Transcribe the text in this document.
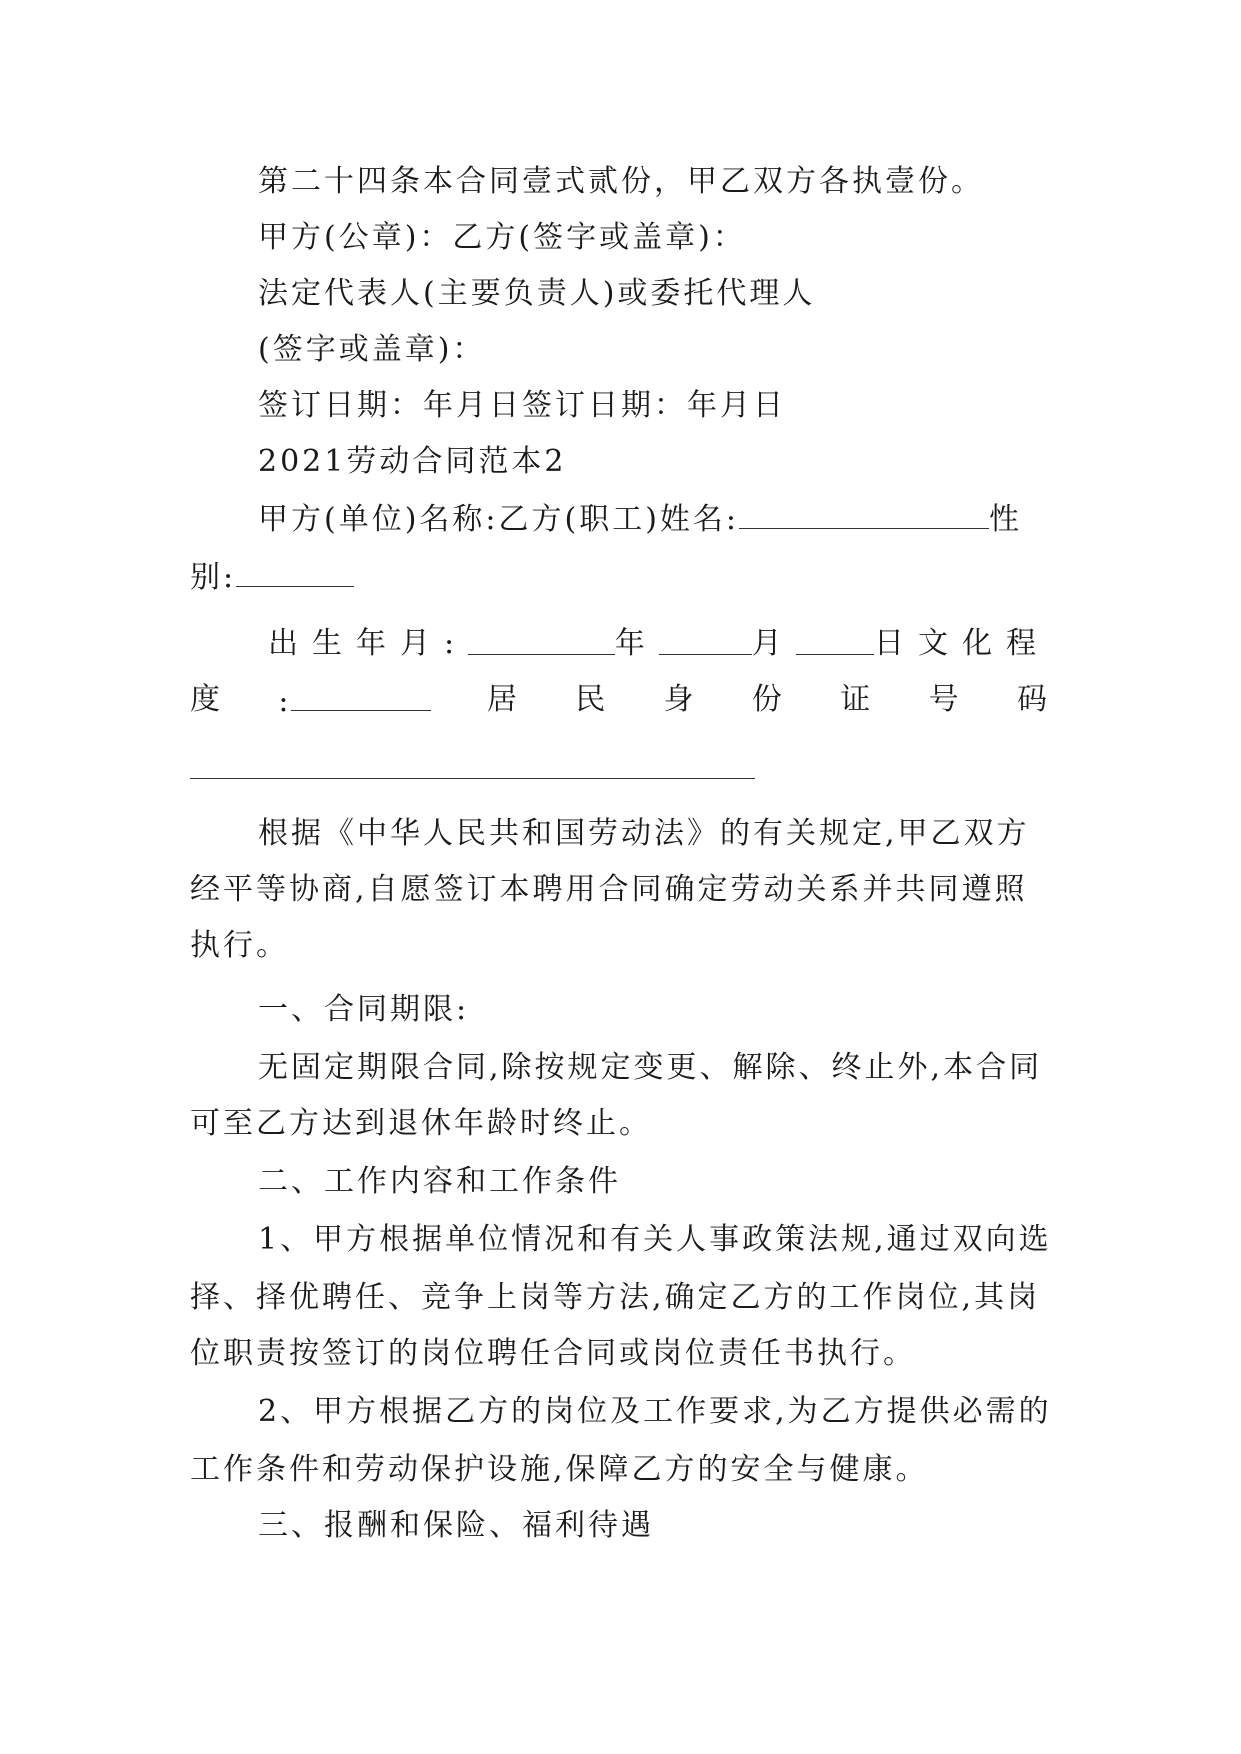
第二十四条本合同壹式贰份，甲乙双方各执壹份。
甲方(公章)：乙方(签字或盖章)：
法定代表人(主要负责人)或委托代理人
(签字或盖章)：
签订日期：年月日签订日期：年月日
2021劳动合同范本2
甲方(单位)名称:乙方(职工)姓名:	性
别:
出生年月:	年	月	日文化程
度 :	居 民 身 份 证 号 码
根据《中华人民共和国劳动法》的有关规定,甲乙双方
经平等协商,自愿签订本聘用合同确定劳动关系并共同遵照
执行。
一、合同期限:
无固定期限合同,除按规定变更、解除、终止外,本合同
可至乙方达到退休年龄时终止。
二、工作内容和工作条件
1、甲方根据单位情况和有关人事政策法规,通过双向选
择、择优聘任、竞争上岗等方法,确定乙方的工作岗位,其岗
位职责按签订的岗位聘任合同或岗位责任书执行。
2、甲方根据乙方的岗位及工作要求,为乙方提供必需的
工作条件和劳动保护设施,保障乙方的安全与健康。
三、报酬和保险、福利待遇
